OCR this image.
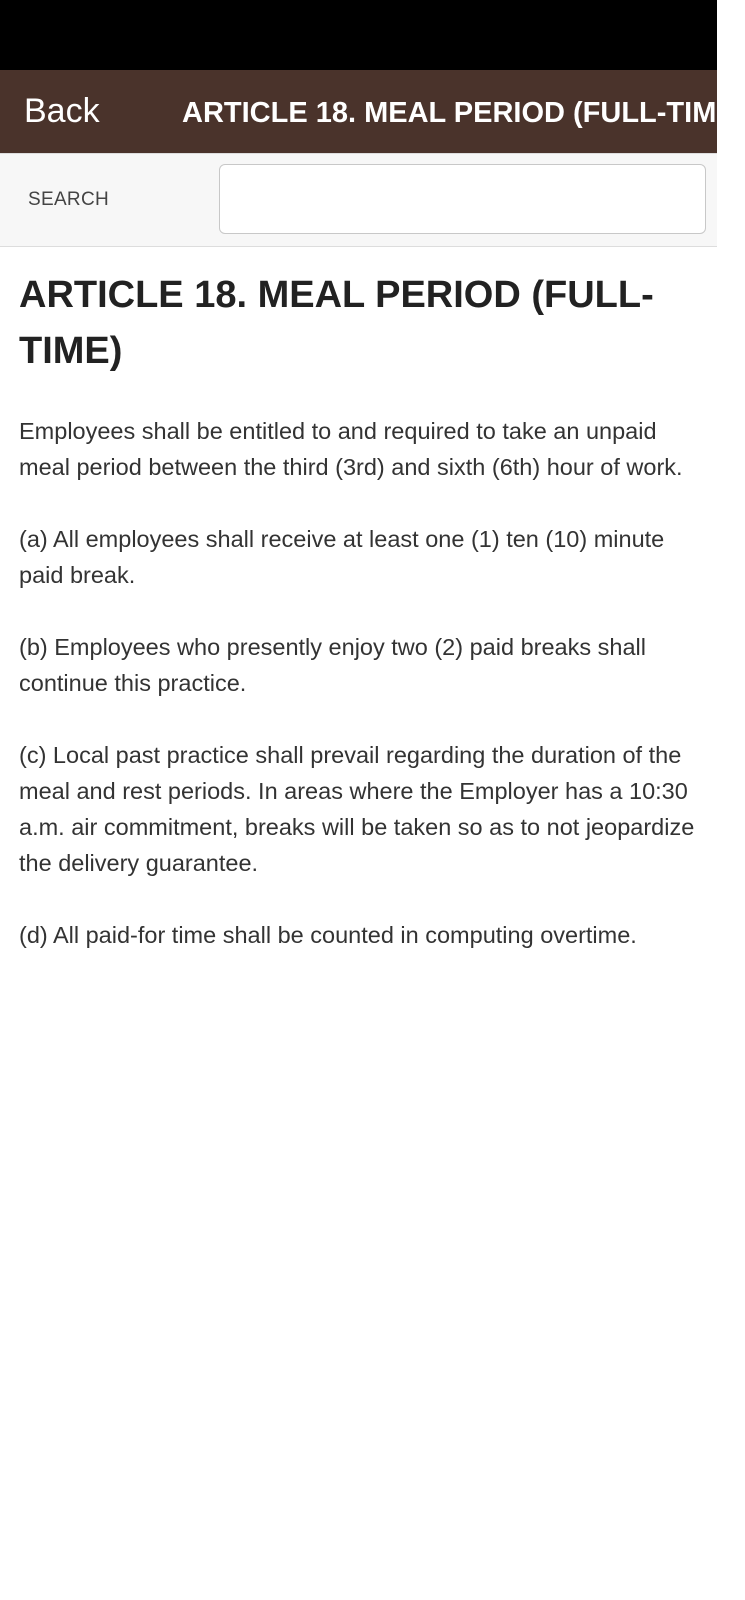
Back	ARTICLE 18. MEAL PERIOD (FULL-TIME)
SEARCH
ARTICLE 18. MEAL PERIOD (FULL-TIME)

Employees shall be entitled to and required to take an unpaid meal period between the third (3rd) and sixth (6th) hour of work.

(a) All employees shall receive at least one (1) ten (10) minute paid break.

(b) Employees who presently enjoy two (2) paid breaks shall continue this practice.

(c) Local past practice shall prevail regarding the duration of the meal and rest periods. In areas where the Employer has a 10:30 a.m. air commitment, breaks will be taken so as to not jeopardize the delivery guarantee.

(d) All paid-for time shall be counted in computing overtime.
